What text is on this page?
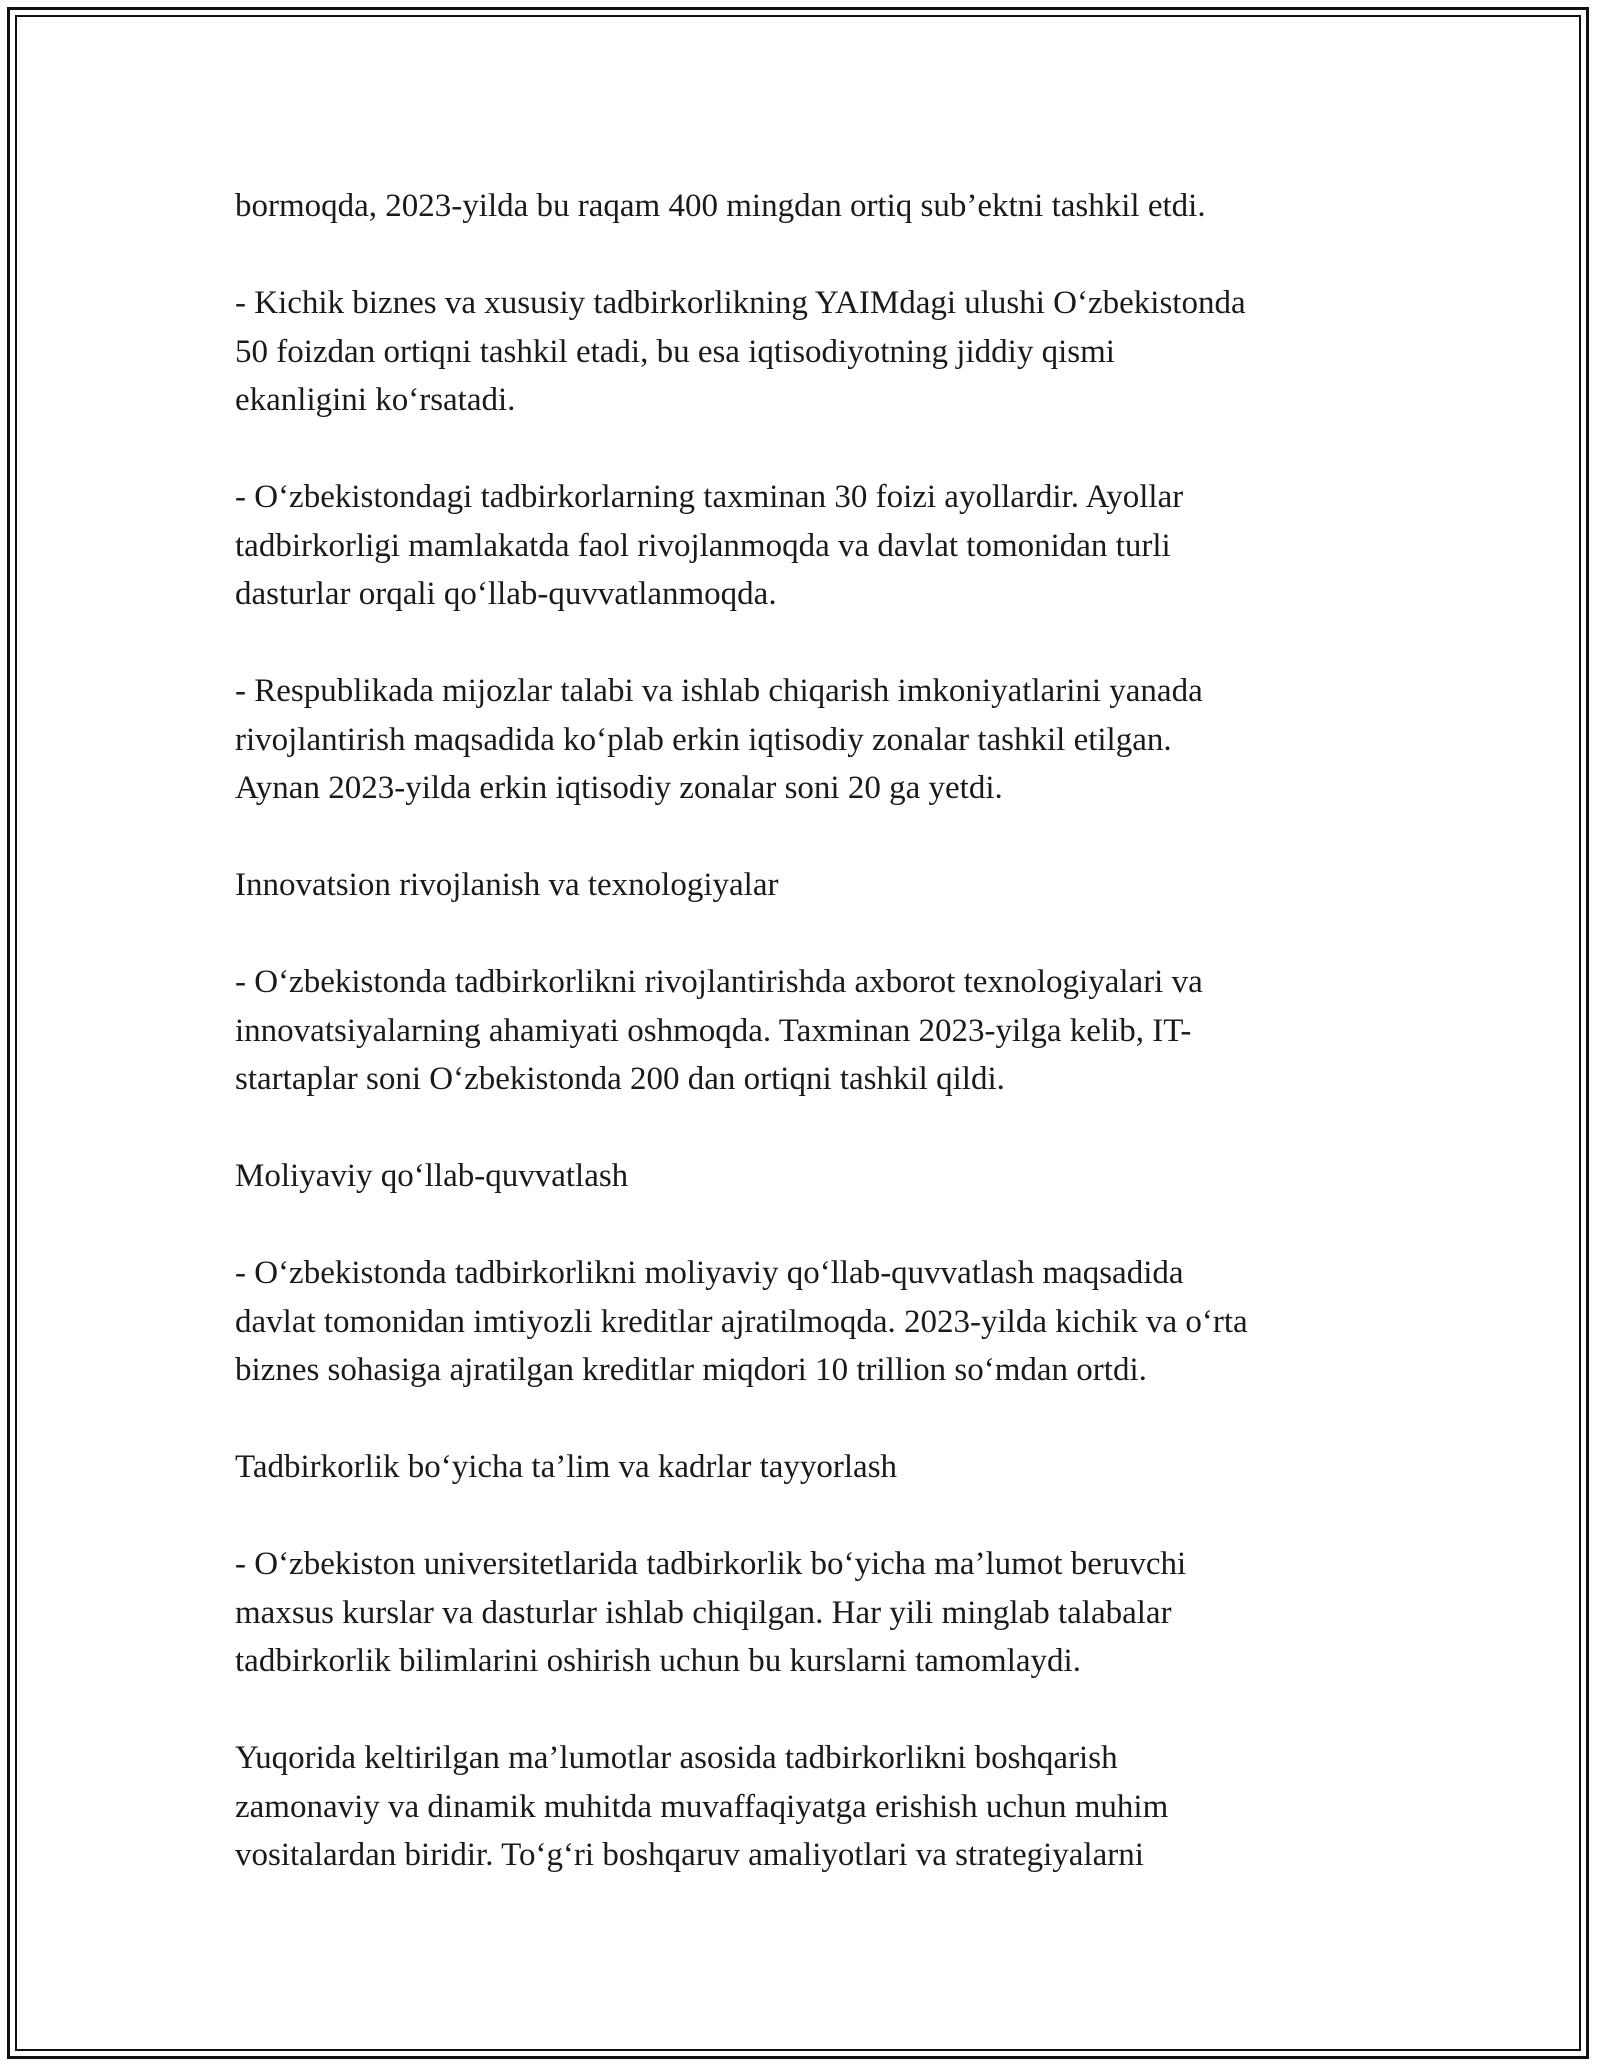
bormoqda, 2023-yilda bu raqam 400 mingdan ortiq sub’ektni tashkil etdi.
- Kichik biznes va xususiy tadbirkorlikning YAIMdagi ulushi O‘zbekistonda
50 foizdan ortiqni tashkil etadi, bu esa iqtisodiyotning jiddiy qismi
ekanligini ko‘rsatadi.
- O‘zbekistondagi tadbirkorlarning taxminan 30 foizi ayollardir. Ayollar
tadbirkorligi mamlakatda faol rivojlanmoqda va davlat tomonidan turli
dasturlar orqali qo‘llab-quvvatlanmoqda.
- Respublikada mijozlar talabi va ishlab chiqarish imkoniyatlarini yanada
rivojlantirish maqsadida ko‘plab erkin iqtisodiy zonalar tashkil etilgan.
Aynan 2023-yilda erkin iqtisodiy zonalar soni 20 ga yetdi.
Innovatsion rivojlanish va texnologiyalar
- O‘zbekistonda tadbirkorlikni rivojlantirishda axborot texnologiyalari va
innovatsiyalarning ahamiyati oshmoqda. Taxminan 2023-yilga kelib, IT-
startaplar soni O‘zbekistonda 200 dan ortiqni tashkil qildi.
Moliyaviy qo‘llab-quvvatlash
- O‘zbekistonda tadbirkorlikni moliyaviy qo‘llab-quvvatlash maqsadida
davlat tomonidan imtiyozli kreditlar ajratilmoqda. 2023-yilda kichik va o‘rta
biznes sohasiga ajratilgan kreditlar miqdori 10 trillion so‘mdan ortdi.
Tadbirkorlik bo‘yicha ta’lim va kadrlar tayyorlash
- O‘zbekiston universitetlarida tadbirkorlik bo‘yicha ma’lumot beruvchi
maxsus kurslar va dasturlar ishlab chiqilgan. Har yili minglab talabalar
tadbirkorlik bilimlarini oshirish uchun bu kurslarni tamomlaydi.
Yuqorida keltirilgan ma’lumotlar asosida tadbirkorlikni boshqarish
zamonaviy va dinamik muhitda muvaffaqiyatga erishish uchun muhim
vositalardan biridir. To‘g‘ri boshqaruv amaliyotlari va strategiyalarni
